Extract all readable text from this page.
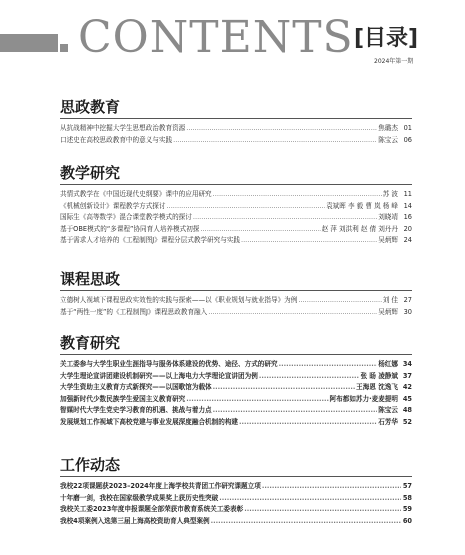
CONTENTS [目录]
2024年第一期
思政教育
从抗战精神中挖掘大学生思想政治教育资源 .....	焦璐杰 01
口述史在高校思政教育中的意义与实践 .....	陈宝云 06
教学研究
共情式教学在《中国近现代史纲要》课中的应用研究 .....	苏 波 11
《机械创新设计》课程教学方式探讨 .....	袁斌晖 李 毅 曹 岚 杨 峰 14
国际生《高等数学》混合课堂教学模式的探讨 .....	刘晓靖 16
基于OBE模式的“多课程”协同育人培养模式初探 .....	赵 萍 刘洪利 赵 倩 刘丹丹 20
基于需求人才培养的《工程制图J》课程分层式教学研究与实践 .....	吴炳辉 24
课程思政
立德树人视域下课程思政实效性的实践与探索——以《职业规划与就业指导》为例 .....	刘 佳 27
基于“两性一度”的《工程制图J》课程思政教育融入 .....	吴炳辉 30
教育研究
关工委参与大学生职业生涯指导与服务体系建设的优势、途径、方式的研究 .....	杨红娜 34
大学生理论宣讲团建设机制研究——以上海电力大学理论宣讲团为例 .....	张 旸 凌静斌 37
大学生资助主义教育方式新探究——以国歌馆为载体 .....	王海恩 沈逸飞 42
加强新时代少数民族学生爱国主义教育研究 .....	阿布都如苏力·麦麦提明 45
智媒时代大学生党史学习教育的机遇、挑战与着力点 .....	陈宝云 48
发展规划工作视域下高校党建与事业发展深度融合机制的构建 .....	石芳华 52
工作动态
我校22项课题获2023–2024年度上海学校共青团工作研究课题立项 .....	57
十年磨一剑，我校在国家级教学成果奖上获历史性突破 .....	58
我校关工委2023年度申报课题全部荣获市教育系统关工委表彰 .....	59
我校4项案例入选第三届上海高校资助育人典型案例 .....	60
